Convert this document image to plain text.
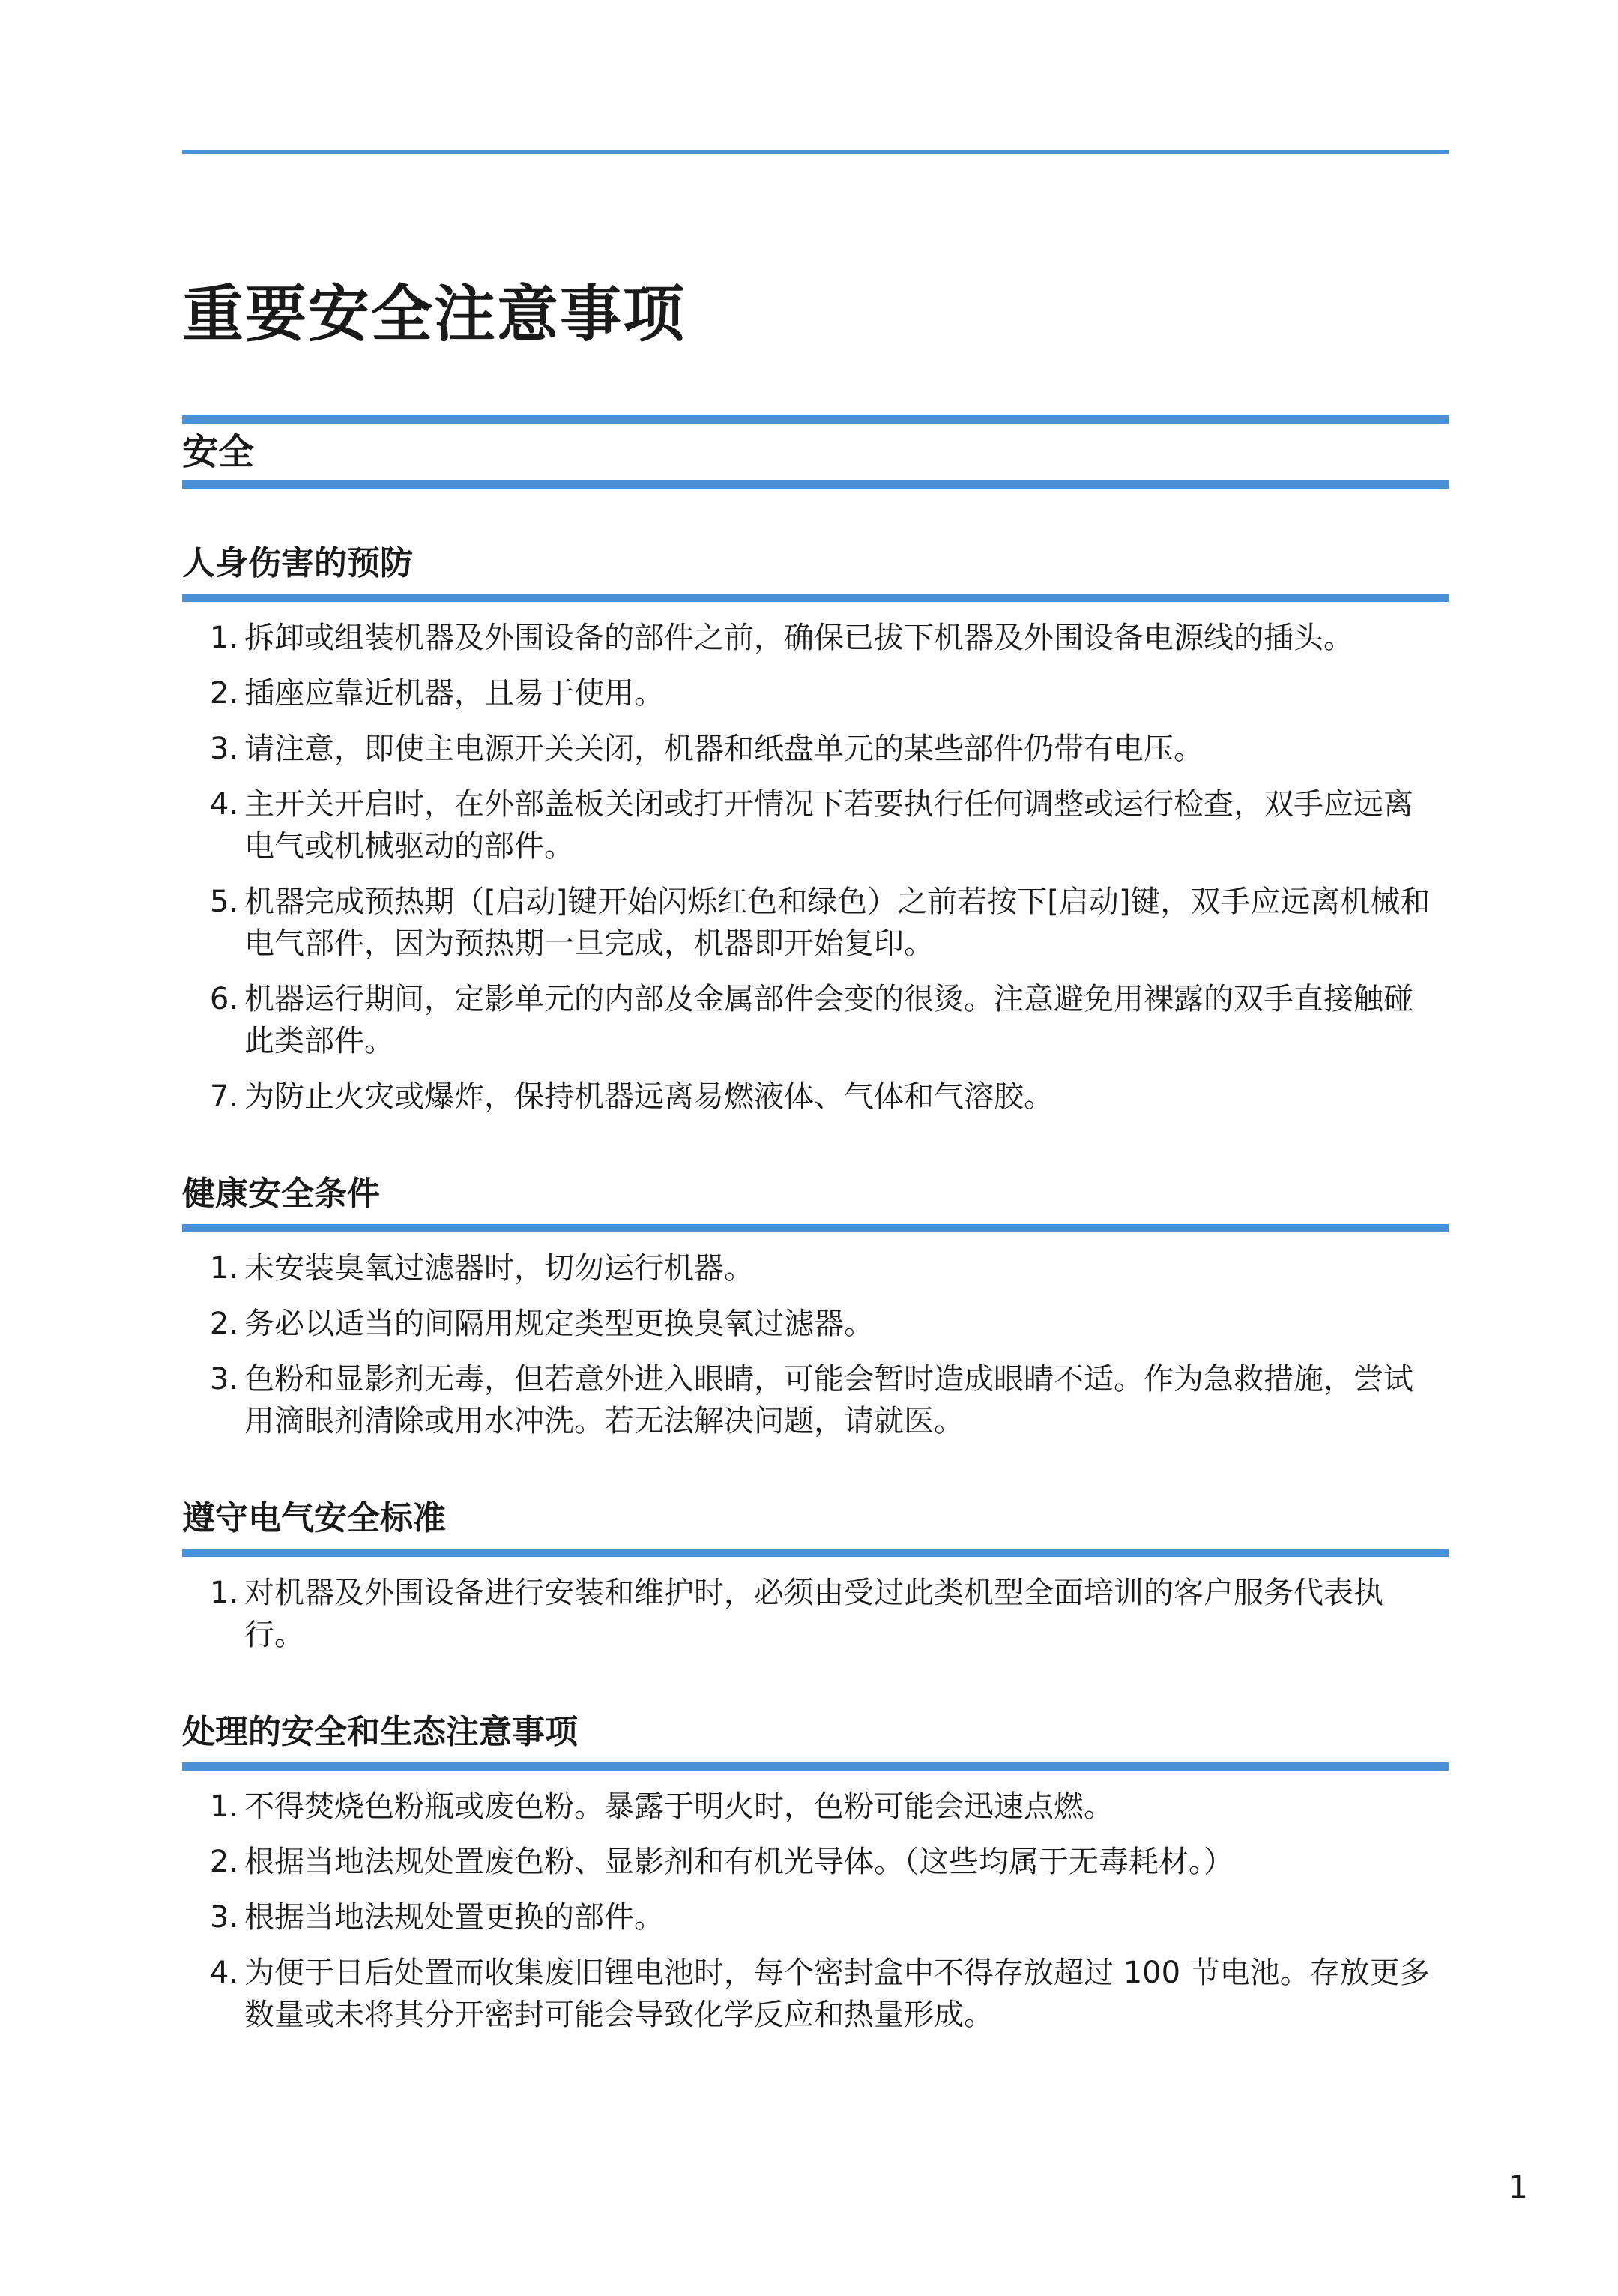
重要安全注意事项
安全
人身伤害的预防
1. 拆卸或组装机器及外围设备的部件之前，确保已拔下机器及外围设备电源线的插头。
2. 插座应靠近机器，且易于使用。
3. 请注意，即使主电源开关关闭，机器和纸盘单元的某些部件仍带有电压。
4. 主开关开启时，在外部盖板关闭或打开情况下若要执行任何调整或运行检查，双手应远离电气或机械驱动的部件。
5. 机器完成预热期（[启动]键开始闪烁红色和绿色）之前若按下[启动]键，双手应远离机械和电气部件，因为预热期一旦完成，机器即开始复印。
6. 机器运行期间，定影单元的内部及金属部件会变的很烫。注意避免用裸露的双手直接触碰此类部件。
7. 为防止火灾或爆炸，保持机器远离易燃液体、气体和气溶胶。
健康安全条件
1. 未安装臭氧过滤器时，切勿运行机器。
2. 务必以适当的间隔用规定类型更换臭氧过滤器。
3. 色粉和显影剂无毒，但若意外进入眼睛，可能会暂时造成眼睛不适。作为急救措施，尝试用滴眼剂清除或用水冲洗。若无法解决问题，请就医。
遵守电气安全标准
1. 对机器及外围设备进行安装和维护时，必须由受过此类机型全面培训的客户服务代表执行。
处理的安全和生态注意事项
1. 不得焚烧色粉瓶或废色粉。暴露于明火时，色粉可能会迅速点燃。
2. 根据当地法规处置废色粉、显影剂和有机光导体。（这些均属于无毒耗材。）
3. 根据当地法规处置更换的部件。
4. 为便于日后处置而收集废旧锂电池时，每个密封盒中不得存放超过 100 节电池。存放更多数量或未将其分开密封可能会导致化学反应和热量形成。
1
